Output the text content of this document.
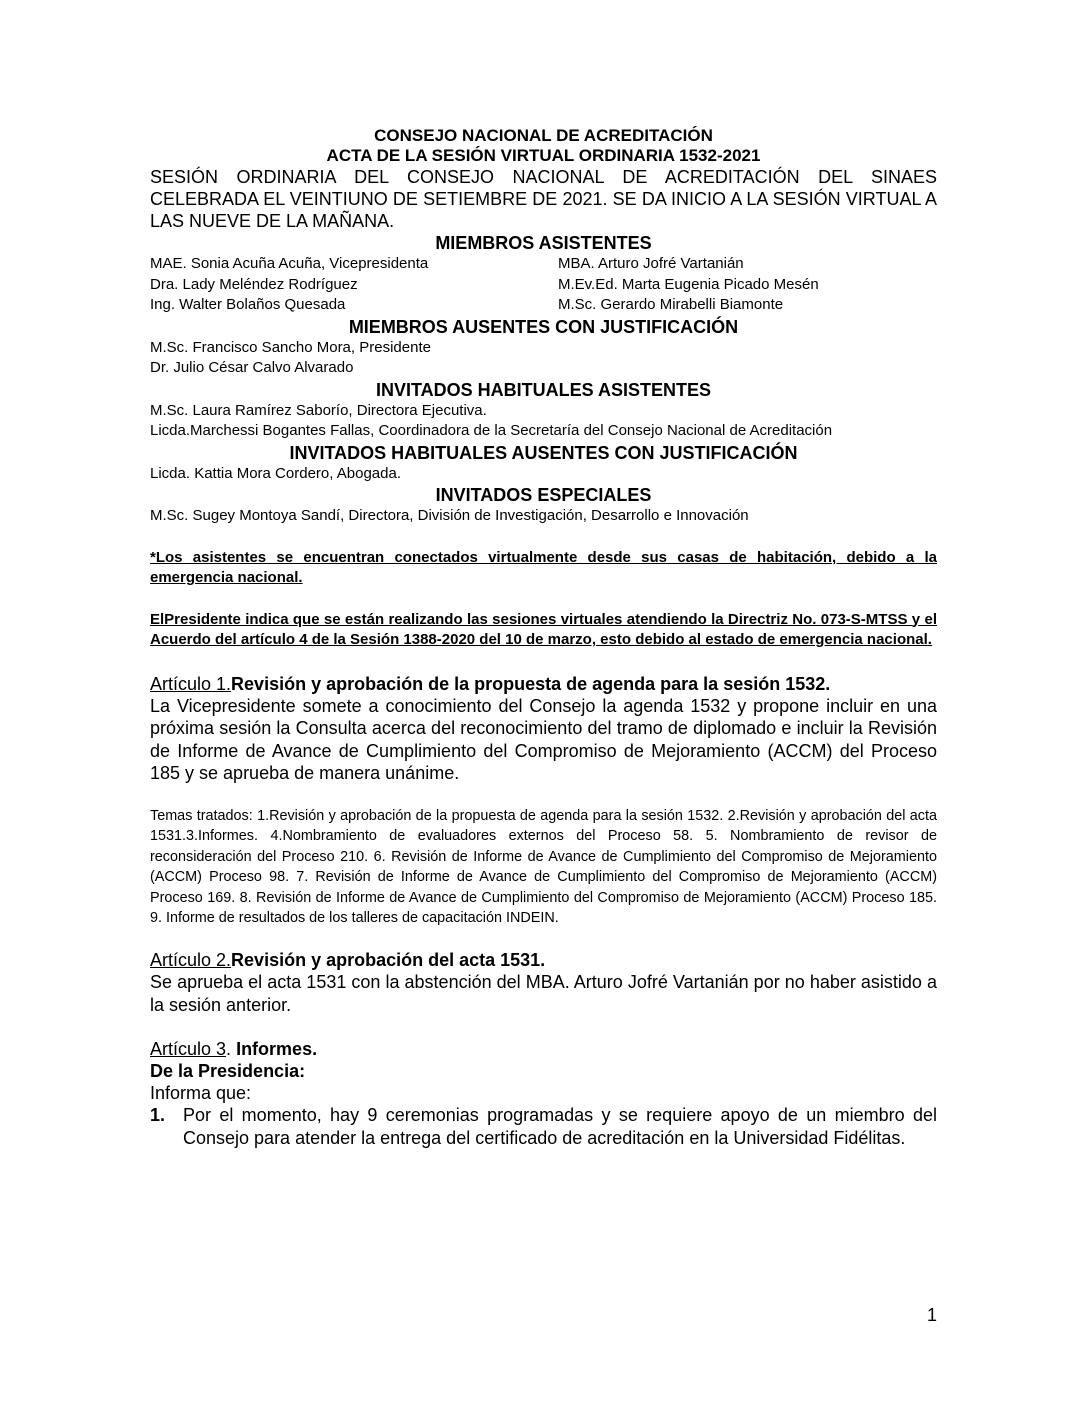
CONSEJO NACIONAL DE ACREDITACIÓN
ACTA DE LA SESIÓN VIRTUAL ORDINARIA 1532-2021
SESIÓN ORDINARIA DEL CONSEJO NACIONAL DE ACREDITACIÓN DEL SINAES CELEBRADA EL VEINTIUNO DE SETIEMBRE DE 2021. SE DA INICIO A LA SESIÓN VIRTUAL A LAS NUEVE DE LA MAÑANA.
MIEMBROS ASISTENTES
MAE. Sonia Acuña Acuña, Vicepresidenta	MBA. Arturo Jofré Vartanián
Dra. Lady Meléndez Rodríguez	M.Ev.Ed. Marta Eugenia Picado Mesén
Ing. Walter Bolaños Quesada	M.Sc. Gerardo Mirabelli Biamonte
MIEMBROS AUSENTES CON JUSTIFICACIÓN
M.Sc. Francisco Sancho Mora, Presidente
Dr. Julio César Calvo Alvarado
INVITADOS HABITUALES ASISTENTES
M.Sc. Laura Ramírez Saborío, Directora Ejecutiva.
Licda.Marchessi Bogantes Fallas, Coordinadora de la Secretaría del Consejo Nacional de Acreditación
INVITADOS HABITUALES AUSENTES CON JUSTIFICACIÓN
Licda. Kattia Mora Cordero, Abogada.
INVITADOS ESPECIALES
M.Sc. Sugey Montoya Sandí, Directora, División de Investigación, Desarrollo e Innovación
*Los asistentes se encuentran conectados virtualmente desde sus casas de habitación, debido a la emergencia nacional.
ElPresidente indica que se están realizando las sesiones virtuales atendiendo la Directriz No. 073-S-MTSS y el Acuerdo del artículo 4 de la Sesión 1388-2020 del 10 de marzo, esto debido al estado de emergencia nacional.
Artículo 1.Revisión y aprobación de la propuesta de agenda para la sesión 1532.
La Vicepresidente somete a conocimiento del Consejo la agenda 1532 y propone incluir en una próxima sesión la Consulta acerca del reconocimiento del tramo de diplomado e incluir la Revisión de Informe de Avance de Cumplimiento del Compromiso de Mejoramiento (ACCM) del Proceso 185 y se aprueba de manera unánime.
Temas tratados: 1.Revisión y aprobación de la propuesta de agenda para la sesión 1532. 2.Revisión y aprobación del acta 1531.3.Informes. 4.Nombramiento de evaluadores externos del Proceso 58. 5. Nombramiento de revisor de reconsideración del Proceso 210. 6. Revisión de Informe de Avance de Cumplimiento del Compromiso de Mejoramiento (ACCM) Proceso 98. 7. Revisión de Informe de Avance de Cumplimiento del Compromiso de Mejoramiento (ACCM) Proceso 169. 8. Revisión de Informe de Avance de Cumplimiento del Compromiso de Mejoramiento (ACCM) Proceso 185. 9. Informe de resultados de los talleres de capacitación INDEIN.
Artículo 2.Revisión y aprobación del acta 1531.
Se aprueba el acta 1531 con la abstención del MBA. Arturo Jofré Vartanián por no haber asistido a la sesión anterior.
Artículo 3. Informes.
De la Presidencia:
Informa que:
1. Por el momento, hay 9 ceremonias programadas y se requiere apoyo de un miembro del Consejo para atender la entrega del certificado de acreditación en la Universidad Fidélitas.
1
